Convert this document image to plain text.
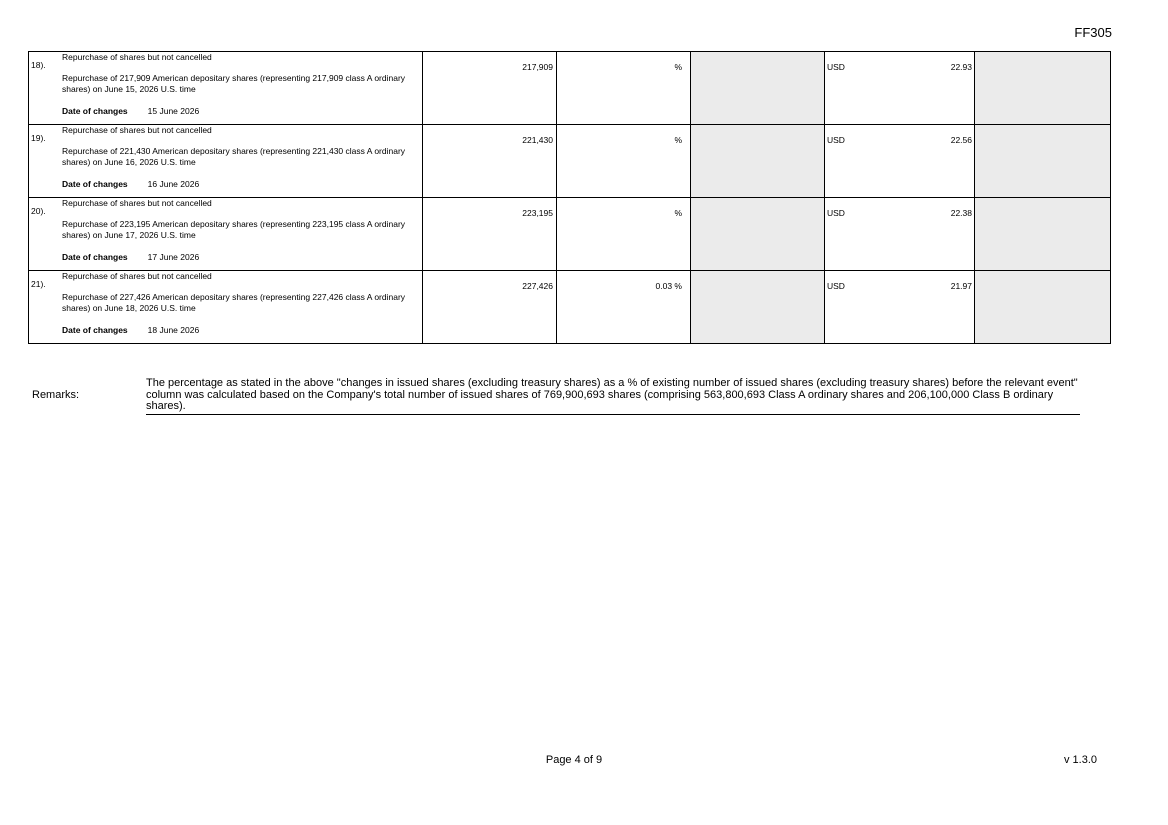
FF305
18).
Repurchase of shares but not cancelled
Repurchase of 217,909 American depositary shares (representing 217,909 class A ordinary shares) on June 15, 2026 U.S. time
Date of changes 15 June 2026	217,909	%		USD 22.93	

19).
Repurchase of shares but not cancelled
Repurchase of 221,430 American depositary shares (representing 221,430 class A ordinary shares) on June 16, 2026 U.S. time
Date of changes 16 June 2026	221,430	%		USD 22.56	

20).
Repurchase of shares but not cancelled
Repurchase of 223,195 American depositary shares (representing 223,195 class A ordinary shares) on June 17, 2026 U.S. time
Date of changes 17 June 2026	223,195	%		USD 22.38	

21).
Repurchase of shares but not cancelled
Repurchase of 227,426 American depositary shares (representing 227,426 class A ordinary shares) on June 18, 2026 U.S. time
Date of changes 18 June 2026	227,426	0.03 %		USD 21.97	

Remarks:
The percentage as stated in the above "changes in issued shares (excluding treasury shares) as a % of existing number of issued shares (excluding treasury shares) before the relevant event" column was calculated based on the Company's total number of issued shares of 769,900,693 shares (comprising 563,800,693 Class A ordinary shares and 206,100,000 Class B ordinary shares).
Page 4 of 9	v 1.3.0
